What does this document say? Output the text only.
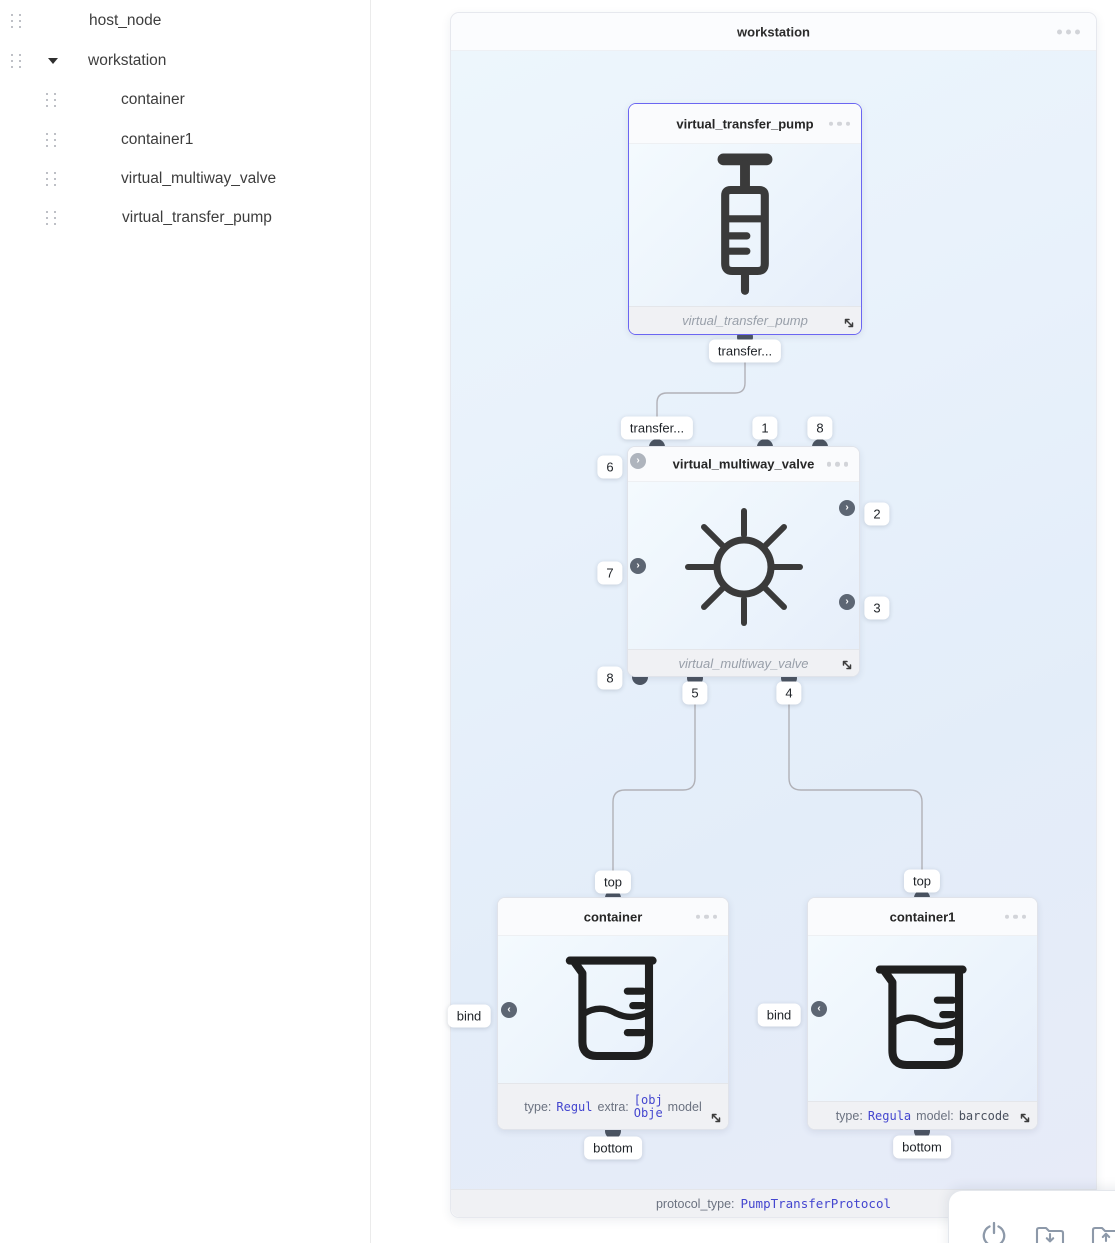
host_node
workstation
container
container1
virtual_multiway_valve
virtual_transfer_pump
workstation
protocol_type: PumpTransferProtocol
virtual_transfer_pump
virtual_transfer_pump
virtual_multiway_valve
virtual_multiway_valve
container
type: Regul extra: [obj
Obje model
container1
type: Regula model: barcode
›
›
›
›
‹	‹
transfer...
transfer...	1	8
6
7
8
2
3
5	4
top
bottom
bind
top
bottom
bind
